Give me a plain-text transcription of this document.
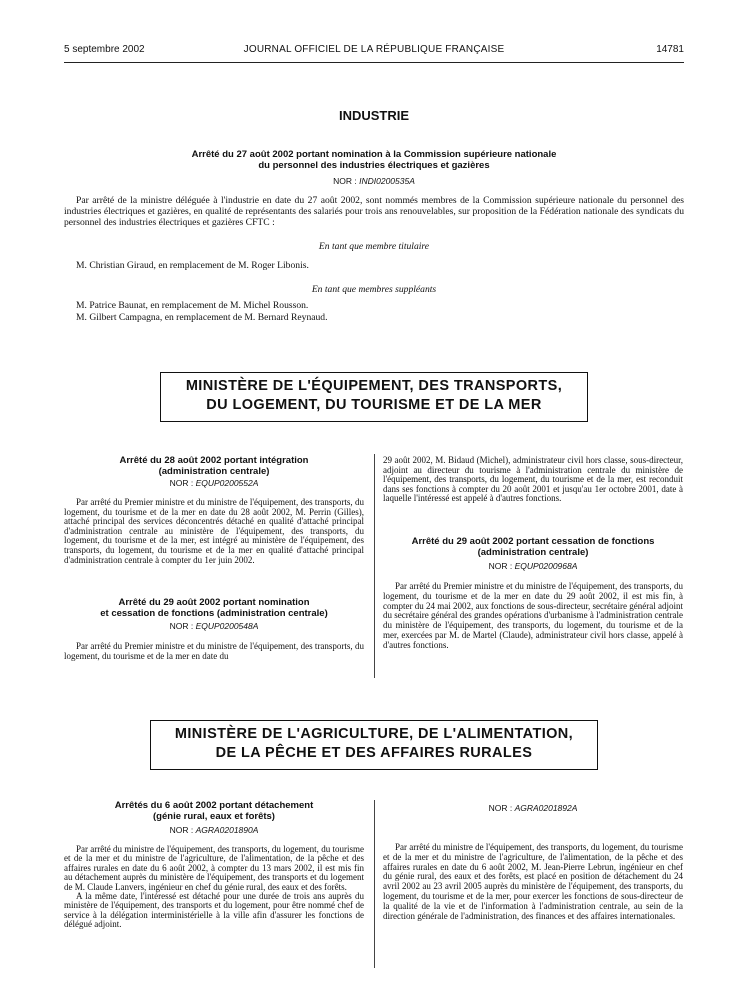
5 septembre 2002	JOURNAL OFFICIEL DE LA RÉPUBLIQUE FRANÇAISE	14781
INDUSTRIE
Arrêté du 27 août 2002 portant nomination à la Commission supérieure nationale
du personnel des industries électriques et gazières
NOR : INDI0200535A

Par arrêté de la ministre déléguée à l'industrie en date du 27 août 2002, sont nommés membres de la Commission supérieure nationale du personnel des industries électriques et gazières, en qualité de représentants des salariés pour trois ans renouvelables, sur proposition de la Fédération nationale des syndicats du personnel des industries électriques et gazières CFTC :

En tant que membre titulaire

M. Christian Giraud, en remplacement de M. Roger Libonis.

En tant que membres suppléants

M. Patrice Baunat, en remplacement de M. Michel Rousson.

M. Gilbert Campagna, en remplacement de M. Bernard Reynaud.

MINISTÈRE DE L'ÉQUIPEMENT, DES TRANSPORTS,
DU LOGEMENT, DU TOURISME ET DE LA MER
Arrêté du 28 août 2002 portant intégration
(administration centrale)
NOR : EQUP0200552A

Par arrêté du Premier ministre et du ministre de l'équipement, des transports, du logement, du tourisme et de la mer en date du 28 août 2002, M. Perrin (Gilles), attaché principal des services déconcentrés détaché en qualité d'attaché principal d'administration centrale au ministère de l'équipement, des transports, du logement, du tourisme et de la mer, est intégré au ministère de l'équipement, des transports, du logement, du tourisme et de la mer en qualité d'attaché principal d'administration centrale à compter du 1er juin 2002.

Arrêté du 29 août 2002 portant nomination
et cessation de fonctions (administration centrale)
NOR : EQUP0200548A

Par arrêté du Premier ministre et du ministre de l'équipement, des transports, du logement, du tourisme et de la mer en date du

29 août 2002, M. Bidaud (Michel), administrateur civil hors classe, sous-directeur, adjoint au directeur du tourisme à l'administration centrale du ministère de l'équipement, des transports, du logement, du tourisme et de la mer, est reconduit dans ses fonctions à compter du 20 août 2001 et jusqu'au 1er octobre 2001, date à laquelle l'intéressé est appelé à d'autres fonctions.

Arrêté du 29 août 2002 portant cessation de fonctions
(administration centrale)
NOR : EQUP0200968A

Par arrêté du Premier ministre et du ministre de l'équipement, des transports, du logement, du tourisme et de la mer en date du 29 août 2002, il est mis fin, à compter du 24 mai 2002, aux fonctions de sous-directeur, secrétaire général adjoint du secrétaire général des grandes opérations d'urbanisme à l'administration centrale du ministère de l'équipement, des transports, du logement, du tourisme et de la mer, exercées par M. de Martel (Claude), administrateur civil hors classe, appelé à d'autres fonctions.

MINISTÈRE DE L'AGRICULTURE, DE L'ALIMENTATION,
DE LA PÊCHE ET DES AFFAIRES RURALES
Arrêtés du 6 août 2002 portant détachement
(génie rural, eaux et forêts)
NOR : AGRA0201890A

Par arrêté du ministre de l'équipement, des transports, du logement, du tourisme et de la mer et du ministre de l'agriculture, de l'alimentation, de la pêche et des affaires rurales en date du 6 août 2002, à compter du 13 mars 2002, il est mis fin au détachement auprès du ministère de l'équipement, des transports et du logement de M. Claude Lanvers, ingénieur en chef du génie rural, des eaux et des forêts.

A la même date, l'intéressé est détaché pour une durée de trois ans auprès du ministère de l'équipement, des transports et du logement, pour être nommé chef de service à la délégation interministérielle à la ville afin d'assurer les fonctions de délégué adjoint.

NOR : AGRA0201892A

Par arrêté du ministre de l'équipement, des transports, du logement, du tourisme et de la mer et du ministre de l'agriculture, de l'alimentation, de la pêche et des affaires rurales en date du 6 août 2002, M. Jean-Pierre Lebrun, ingénieur en chef du génie rural, des eaux et des forêts, est placé en position de détachement du 24 avril 2002 au 23 avril 2005 auprès du ministère de l'équipement, des transports, du logement, du tourisme et de la mer, pour exercer les fonctions de sous-directeur de la qualité de la vie et de l'information à l'administration centrale, au sein de la direction générale de l'administration, des finances et des affaires internationales.
